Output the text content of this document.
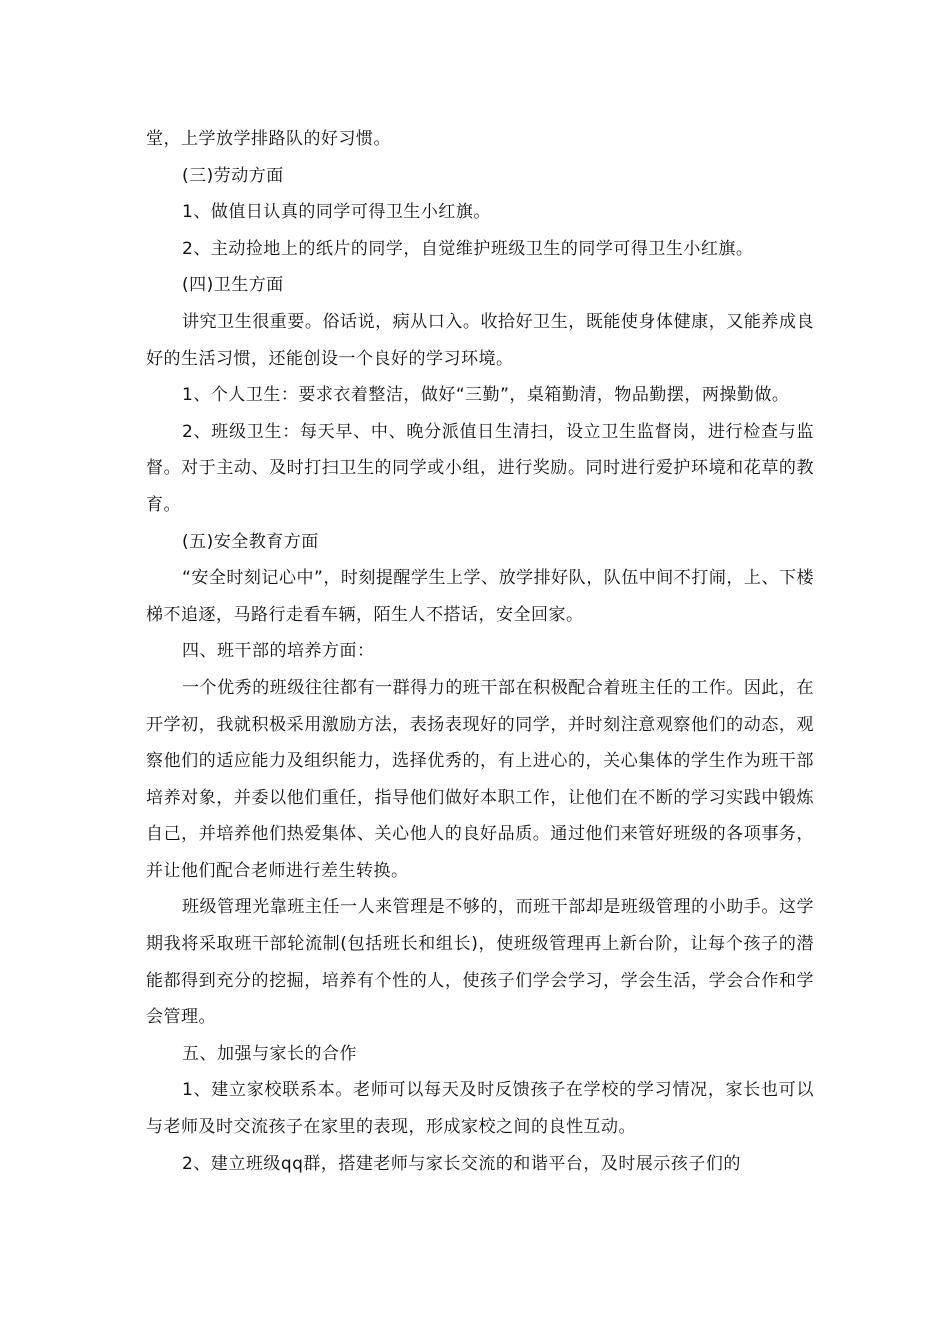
堂，上学放学排路队的好习惯。

(三)劳动方面

1、做值日认真的同学可得卫生小红旗。

2、主动捡地上的纸片的同学，自觉维护班级卫生的同学可得卫生小红旗。

(四)卫生方面

讲究卫生很重要。俗话说，病从口入。收拾好卫生，既能使身体健康，又能养成良好的生活习惯，还能创设一个良好的学习环境。

1、个人卫生：要求衣着整洁，做好“三勤”，桌箱勤清，物品勤摆，两操勤做。

2、班级卫生：每天早、中、晚分派值日生清扫，设立卫生监督岗，进行检查与监督。对于主动、及时打扫卫生的同学或小组，进行奖励。同时进行爱护环境和花草的教育。

(五)安全教育方面

“安全时刻记心中”，时刻提醒学生上学、放学排好队，队伍中间不打闹，上、下楼梯不追逐，马路行走看车辆，陌生人不搭话，安全回家。

四、班干部的培养方面：

一个优秀的班级往往都有一群得力的班干部在积极配合着班主任的工作。因此，在开学初，我就积极采用激励方法，表扬表现好的同学，并时刻注意观察他们的动态，观察他们的适应能力及组织能力，选择优秀的，有上进心的，关心集体的学生作为班干部培养对象，并委以他们重任，指导他们做好本职工作，让他们在不断的学习实践中锻炼自己，并培养他们热爱集体、关心他人的良好品质。通过他们来管好班级的各项事务，并让他们配合老师进行差生转换。

班级管理光靠班主任一人来管理是不够的，而班干部却是班级管理的小助手。这学期我将采取班干部轮流制(包括班长和组长)，使班级管理再上新台阶，让每个孩子的潜能都得到充分的挖掘，培养有个性的人，使孩子们学会学习，学会生活，学会合作和学会管理。

五、加强与家长的合作

1、建立家校联系本。老师可以每天及时反馈孩子在学校的学习情况，家长也可以与老师及时交流孩子在家里的表现，形成家校之间的良性互动。

2、建立班级qq群，搭建老师与家长交流的和谐平台，及时展示孩子们的
